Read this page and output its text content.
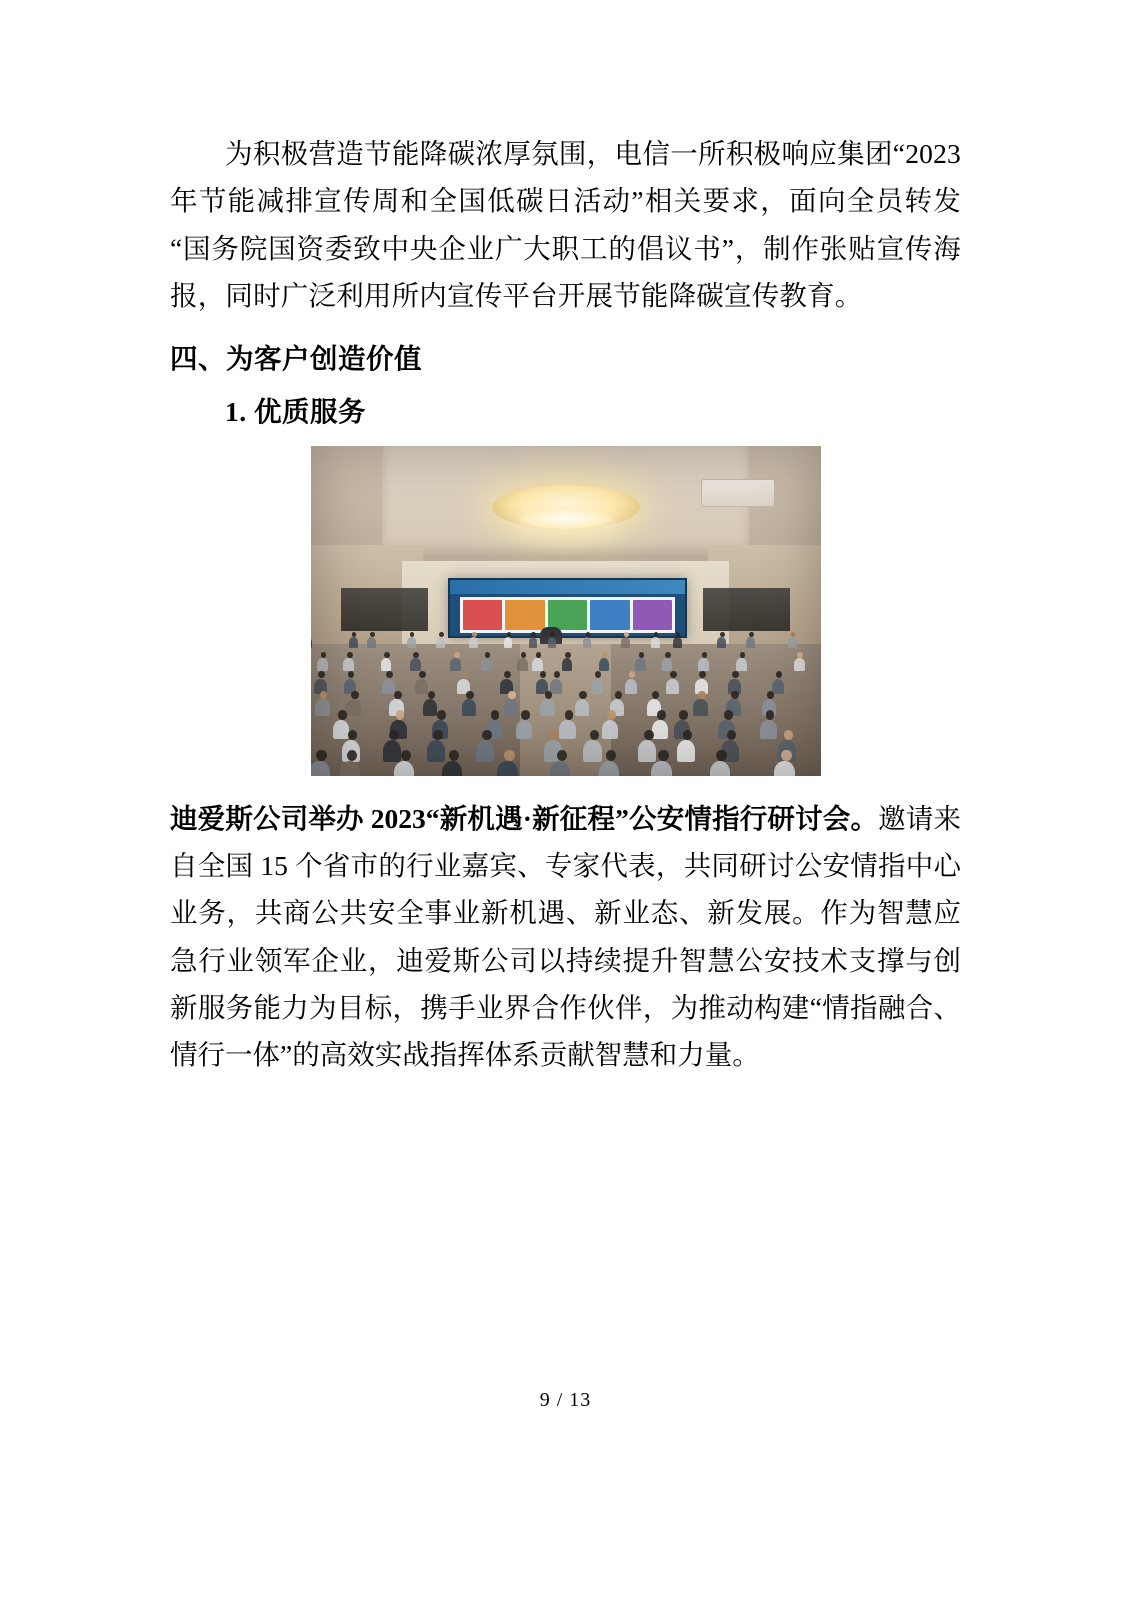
为积极营造节能降碳浓厚氛围，电信一所积极响应集团“2023年节能减排宣传周和全国低碳日活动”相关要求，面向全员转发“国务院国资委致中央企业广大职工的倡议书”，制作张贴宣传海报，同时广泛利用所内宣传平台开展节能降碳宣传教育。

四、为客户创造价值
1. 优质服务

迪爱斯公司举办 2023“新机遇·新征程”公安情指行研讨会。邀请来自全国 15 个省市的行业嘉宾、专家代表，共同研讨公安情指中心业务，共商公共安全事业新机遇、新业态、新发展。作为智慧应急行业领军企业，迪爱斯公司以持续提升智慧公安技术支撑与创新服务能力为目标，携手业界合作伙伴，为推动构建“情指融合、情行一体”的高效实战指挥体系贡献智慧和力量。

9 / 13
